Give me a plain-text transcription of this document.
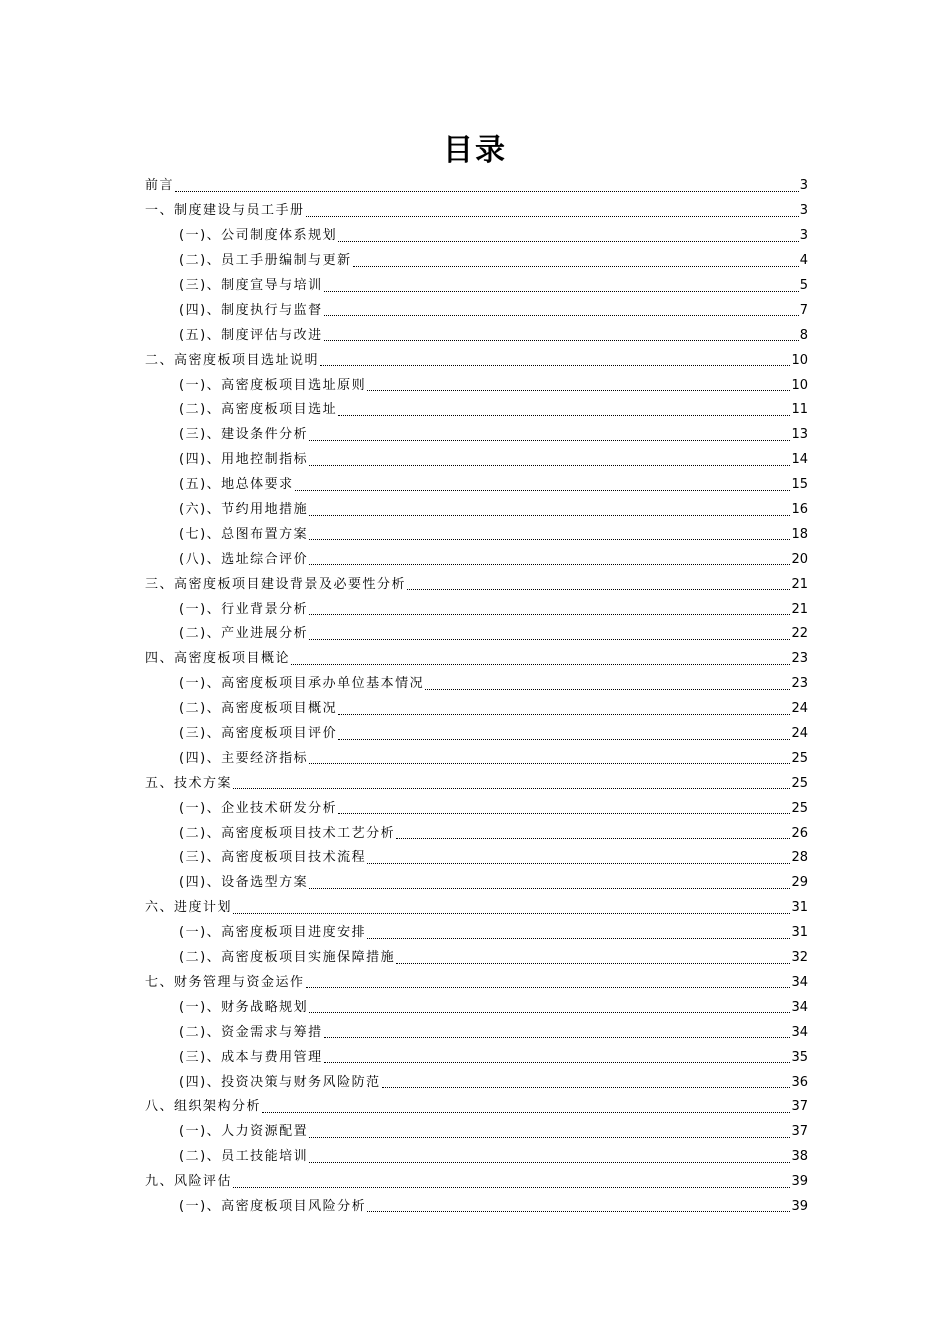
目录
前言	3
一、制度建设与员工手册	3
(一)、公司制度体系规划	3
(二)、员工手册编制与更新	4
(三)、制度宣导与培训	5
(四)、制度执行与监督	7
(五)、制度评估与改进	8
二、高密度板项目选址说明	10
(一)、高密度板项目选址原则	10
(二)、高密度板项目选址	11
(三)、建设条件分析	13
(四)、用地控制指标	14
(五)、地总体要求	15
(六)、节约用地措施	16
(七)、总图布置方案	18
(八)、选址综合评价	20
三、高密度板项目建设背景及必要性分析	21
(一)、行业背景分析	21
(二)、产业进展分析	22
四、高密度板项目概论	23
(一)、高密度板项目承办单位基本情况	23
(二)、高密度板项目概况	24
(三)、高密度板项目评价	24
(四)、主要经济指标	25
五、技术方案	25
(一)、企业技术研发分析	25
(二)、高密度板项目技术工艺分析	26
(三)、高密度板项目技术流程	28
(四)、设备选型方案	29
六、进度计划	31
(一)、高密度板项目进度安排	31
(二)、高密度板项目实施保障措施	32
七、财务管理与资金运作	34
(一)、财务战略规划	34
(二)、资金需求与筹措	34
(三)、成本与费用管理	35
(四)、投资决策与财务风险防范	36
八、组织架构分析	37
(一)、人力资源配置	37
(二)、员工技能培训	38
九、风险评估	39
(一)、高密度板项目风险分析	39
